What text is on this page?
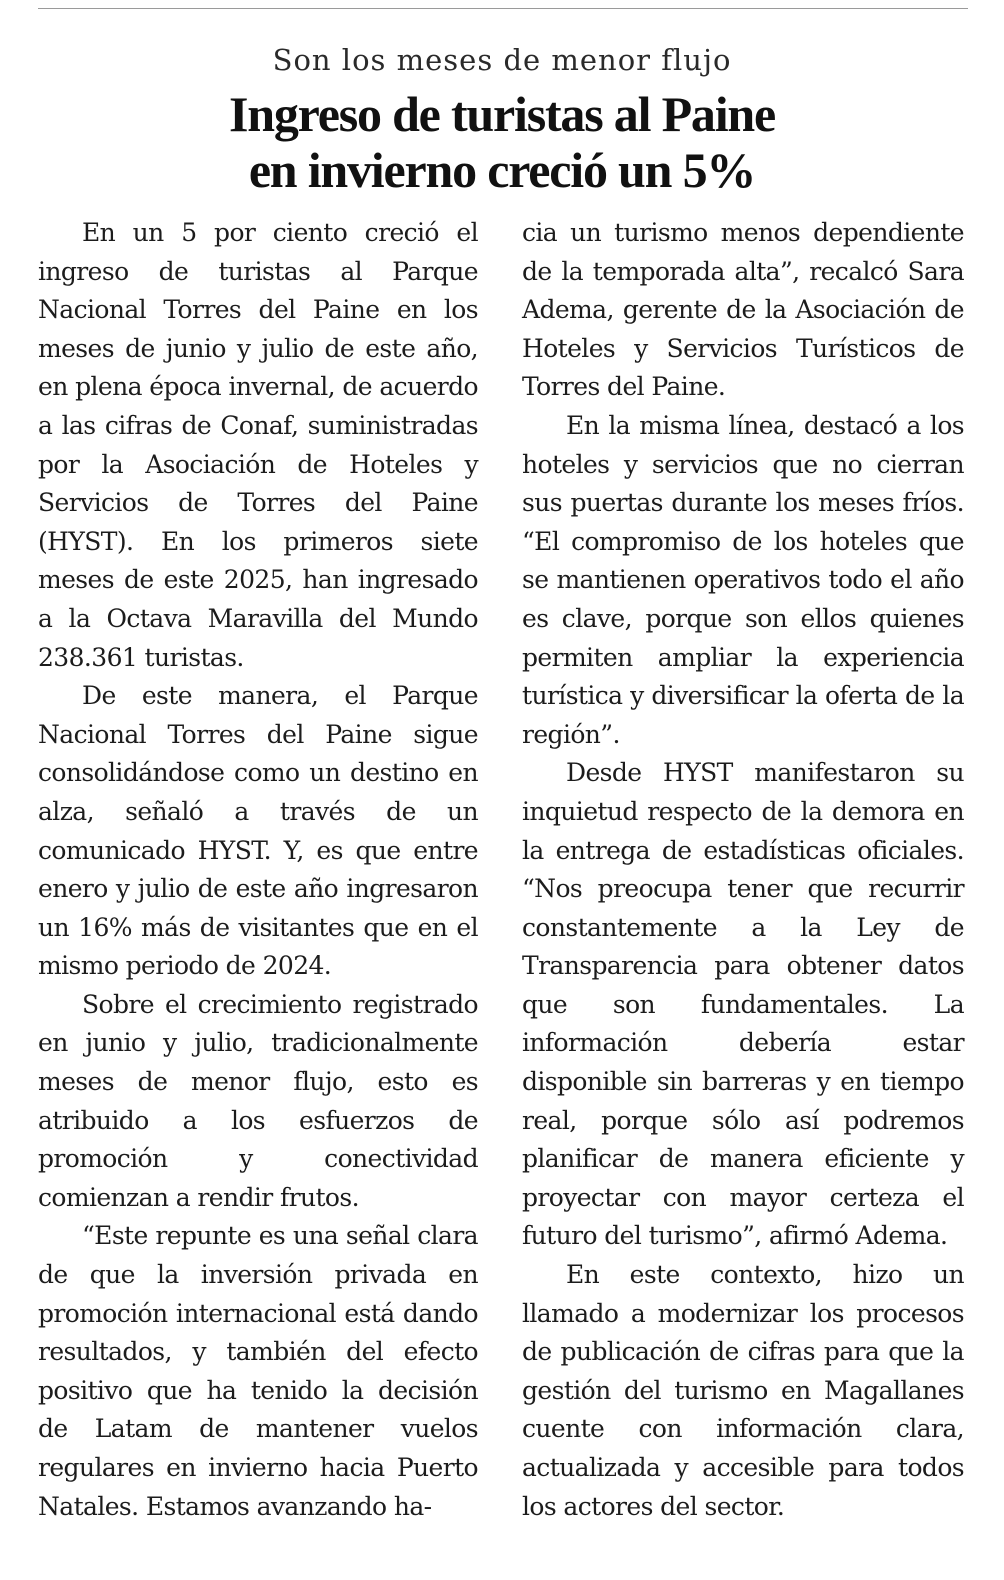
Son los meses de menor flujo
Ingreso de turistas al Paine
en invierno creció un 5%

En un 5 por ciento creció el ingreso de turistas al Parque Nacional Torres del Paine en los meses de junio y julio de este año, en plena época invernal, de acuerdo a las cifras de Conaf, suministradas por la Asociación de Hoteles y Servicios de Torres del Paine (HYST). En los primeros siete meses de este 2025, han ingresado a la Octava Maravilla del Mundo 238.361 turistas.

De este manera, el Parque Nacional Torres del Paine sigue consolidándose como un destino en alza, señaló a través de un comunicado HYST. Y, es que entre enero y julio de este año ingresaron un 16% más de visitantes que en el mismo periodo de 2024.

Sobre el crecimiento registrado en junio y julio, tradicionalmente meses de menor flujo, esto es atribuido a los esfuerzos de promoción y conectividad comienzan a rendir frutos.

“Este repunte es una señal clara de que la inversión privada en promoción internacional está dando resultados, y también del efecto positivo que ha tenido la decisión de Latam de mantener vuelos regulares en invierno hacia Puerto Natales. Estamos avanzando ha-

cia un turismo menos dependiente de la temporada alta”, recalcó Sara Adema, gerente de la Asociación de Hoteles y Servicios Turísticos de Torres del Paine.

En la misma línea, destacó a los hoteles y servicios que no cierran sus puertas durante los meses fríos. “El compromiso de los hoteles que se mantienen operativos todo el año es clave, porque son ellos quienes permiten ampliar la experiencia turística y diversificar la oferta de la región”.

Desde HYST manifestaron su inquietud respecto de la demora en la entrega de estadísticas oficiales. “Nos preocupa tener que recurrir constantemente a la Ley de Transparencia para obtener datos que son fundamentales. La información debería estar disponible sin barreras y en tiempo real, porque sólo así podremos planificar de manera eficiente y proyectar con mayor certeza el futuro del turismo”, afirmó Adema.

En este contexto, hizo un llamado a modernizar los procesos de publicación de cifras para que la gestión del turismo en Magallanes cuente con información clara, actualizada y accesible para todos los actores del sector.
